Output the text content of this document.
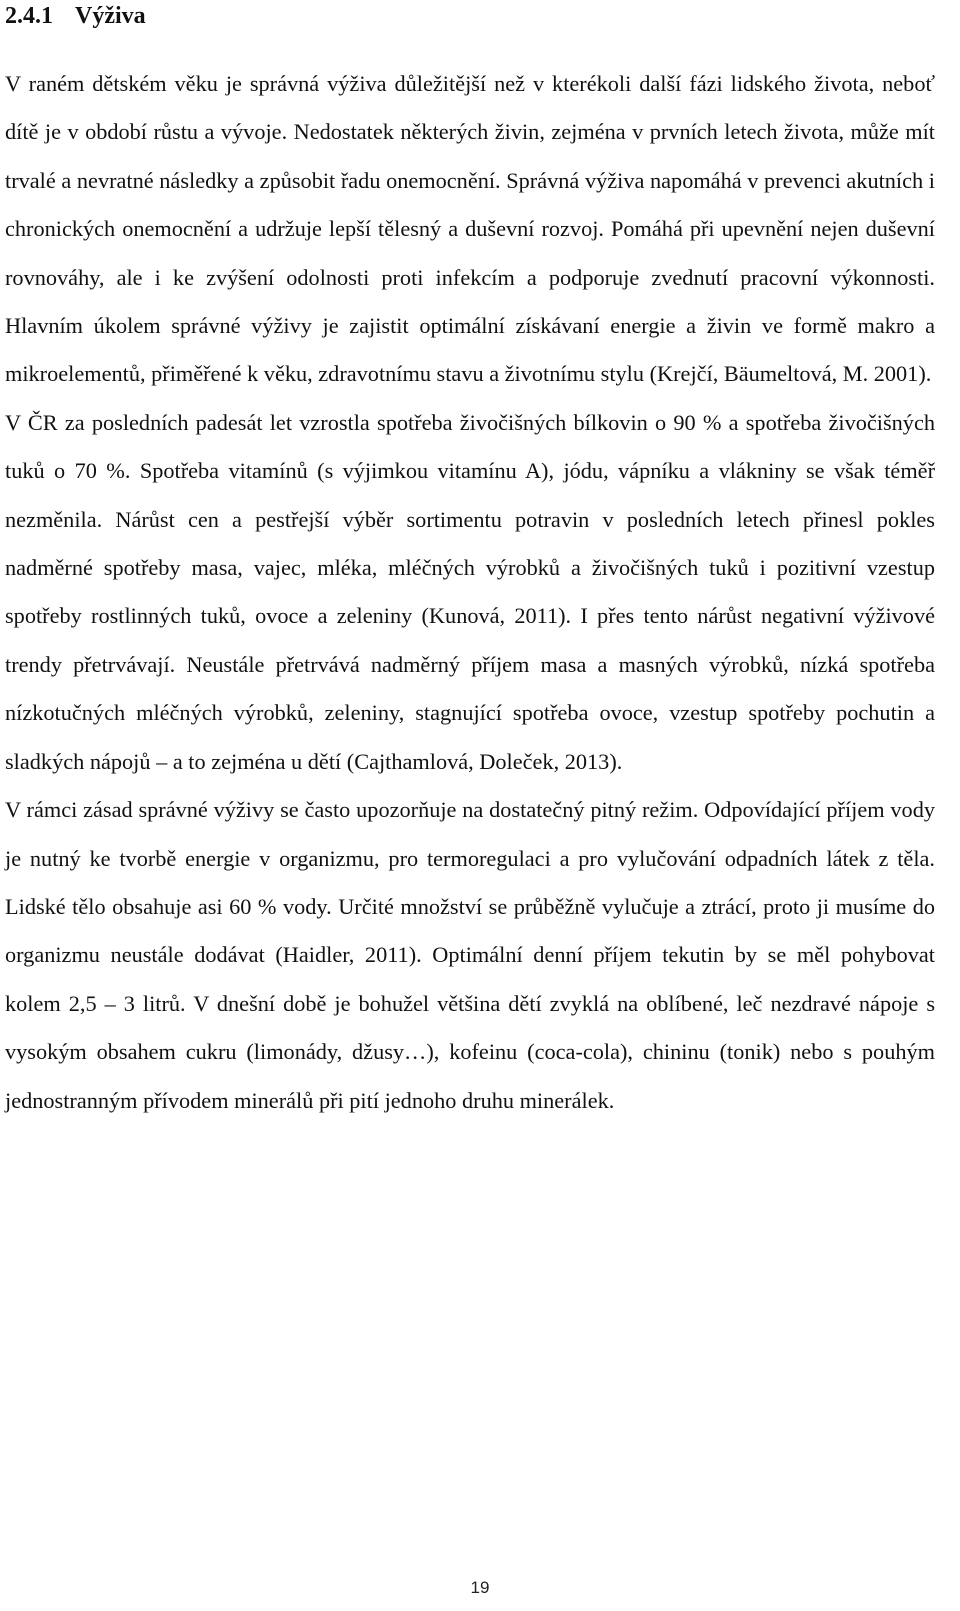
2.4.1 Výživa

V raném dětském věku je správná výživa důležitější než v kterékoli další fázi lidského života, neboť dítě je v období růstu a vývoje. Nedostatek některých živin, zejména v prvních letech života, může mít trvalé a nevratné následky a způsobit řadu onemocnění. Správná výživa napomáhá v prevenci akutních i chronických onemocnění a udržuje lepší tělesný a duševní rozvoj. Pomáhá při upevnění nejen duševní rovnováhy, ale i ke zvýšení odolnosti proti infekcím a podporuje zvednutí pracovní výkonnosti. Hlavním úkolem správné výživy je zajistit optimální získávaní energie a živin ve formě makro a mikroelementů, přiměřené k věku, zdravotnímu stavu a životnímu stylu (Krejčí, Bäumeltová, M. 2001).

V ČR za posledních padesát let vzrostla spotřeba živočišných bílkovin o 90 % a spotřeba živočišných tuků o 70 %. Spotřeba vitamínů (s výjimkou vitamínu A), jódu, vápníku a vlákniny se však téměř nezměnila. Nárůst cen a pestřejší výběr sortimentu potravin v posledních letech přinesl pokles nadměrné spotřeby masa, vajec, mléka, mléčných výrobků a živočišných tuků i pozitivní vzestup spotřeby rostlinných tuků, ovoce a zeleniny (Kunová, 2011). I přes tento nárůst negativní výživové trendy přetrvávají. Neustále přetrvává nadměrný příjem masa a masných výrobků, nízká spotřeba nízkotučných mléčných výrobků, zeleniny, stagnující spotřeba ovoce, vzestup spotřeby pochutin a sladkých nápojů – a to zejména u dětí (Cajthamlová, Doleček, 2013).

V rámci zásad správné výživy se často upozorňuje na dostatečný pitný režim. Odpovídající příjem vody je nutný ke tvorbě energie v organizmu, pro termoregulaci a pro vylučování odpadních látek z těla. Lidské tělo obsahuje asi 60 % vody. Určité množství se průběžně vylučuje a ztrácí, proto ji musíme do organizmu neustále dodávat (Haidler, 2011). Optimální denní příjem tekutin by se měl pohybovat kolem 2,5 – 3 litrů. V dnešní době je bohužel většina dětí zvyklá na oblíbené, leč nezdravé nápoje s vysokým obsahem cukru (limonády, džusy…), kofeinu (coca-cola), chininu (tonik) nebo s pouhým jednostranným přívodem minerálů při pití jednoho druhu minerálek.

19
